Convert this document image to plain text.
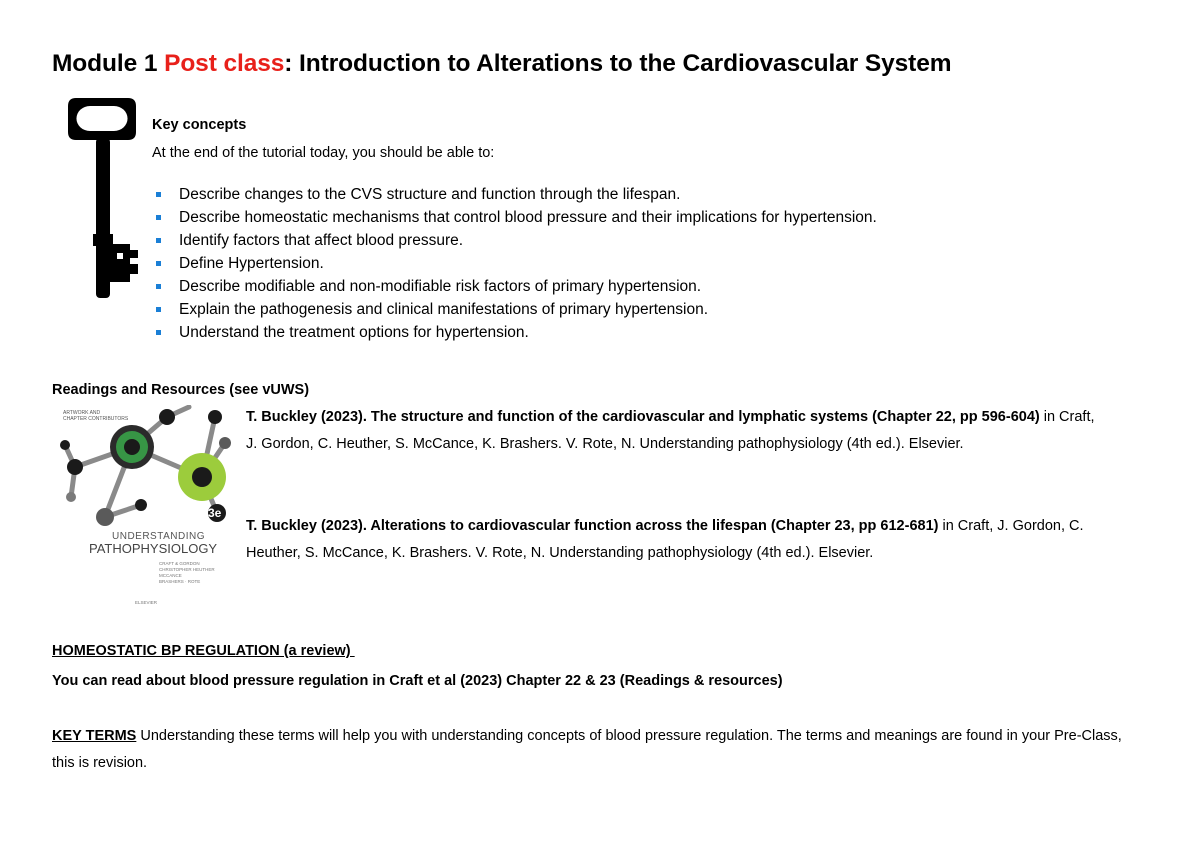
Module 1 Post class: Introduction to Alterations to the Cardiovascular System
Key concepts
At the end of the tutorial today, you should be able to:
Describe changes to the CVS structure and function through the lifespan.
Describe homeostatic mechanisms that control blood pressure and their implications for hypertension.
Identify factors that affect blood pressure.
Define Hypertension.
Describe modifiable and non-modifiable risk factors of primary hypertension.
Explain the pathogenesis and clinical manifestations of primary hypertension.
Understand the treatment options for hypertension.
Readings and Resources (see vUWS)
ARTWORK AND
CHAPTER CONTRIBUTORS
3e
UNDERSTANDING
PATHOPHYSIOLOGY
CRAFT & GORDON
CHRISTOPHER HEUTHER
MCCANCE
BRASHERS · ROTE
ELSEVIER

T. Buckley (2023). The structure and function of the cardiovascular and lymphatic systems (Chapter 22, pp 596-604) in Craft, J. Gordon, C. Heuther, S. McCance, K. Brashers. V. Rote, N. Understanding pathophysiology (4th ed.). Elsevier.

T. Buckley (2023). Alterations to cardiovascular function across the lifespan (Chapter 23, pp 612-681) in Craft, J. Gordon, C. Heuther, S. McCance, K. Brashers. V. Rote, N. Understanding pathophysiology (4th ed.). Elsevier.

HOMEOSTATIC BP REGULATION (a review)
You can read about blood pressure regulation in Craft et al (2023) Chapter 22 & 23 (Readings & resources)

KEY TERMS Understanding these terms will help you with understanding concepts of blood pressure regulation. The terms and meanings are found in your Pre-Class, this is revision.
